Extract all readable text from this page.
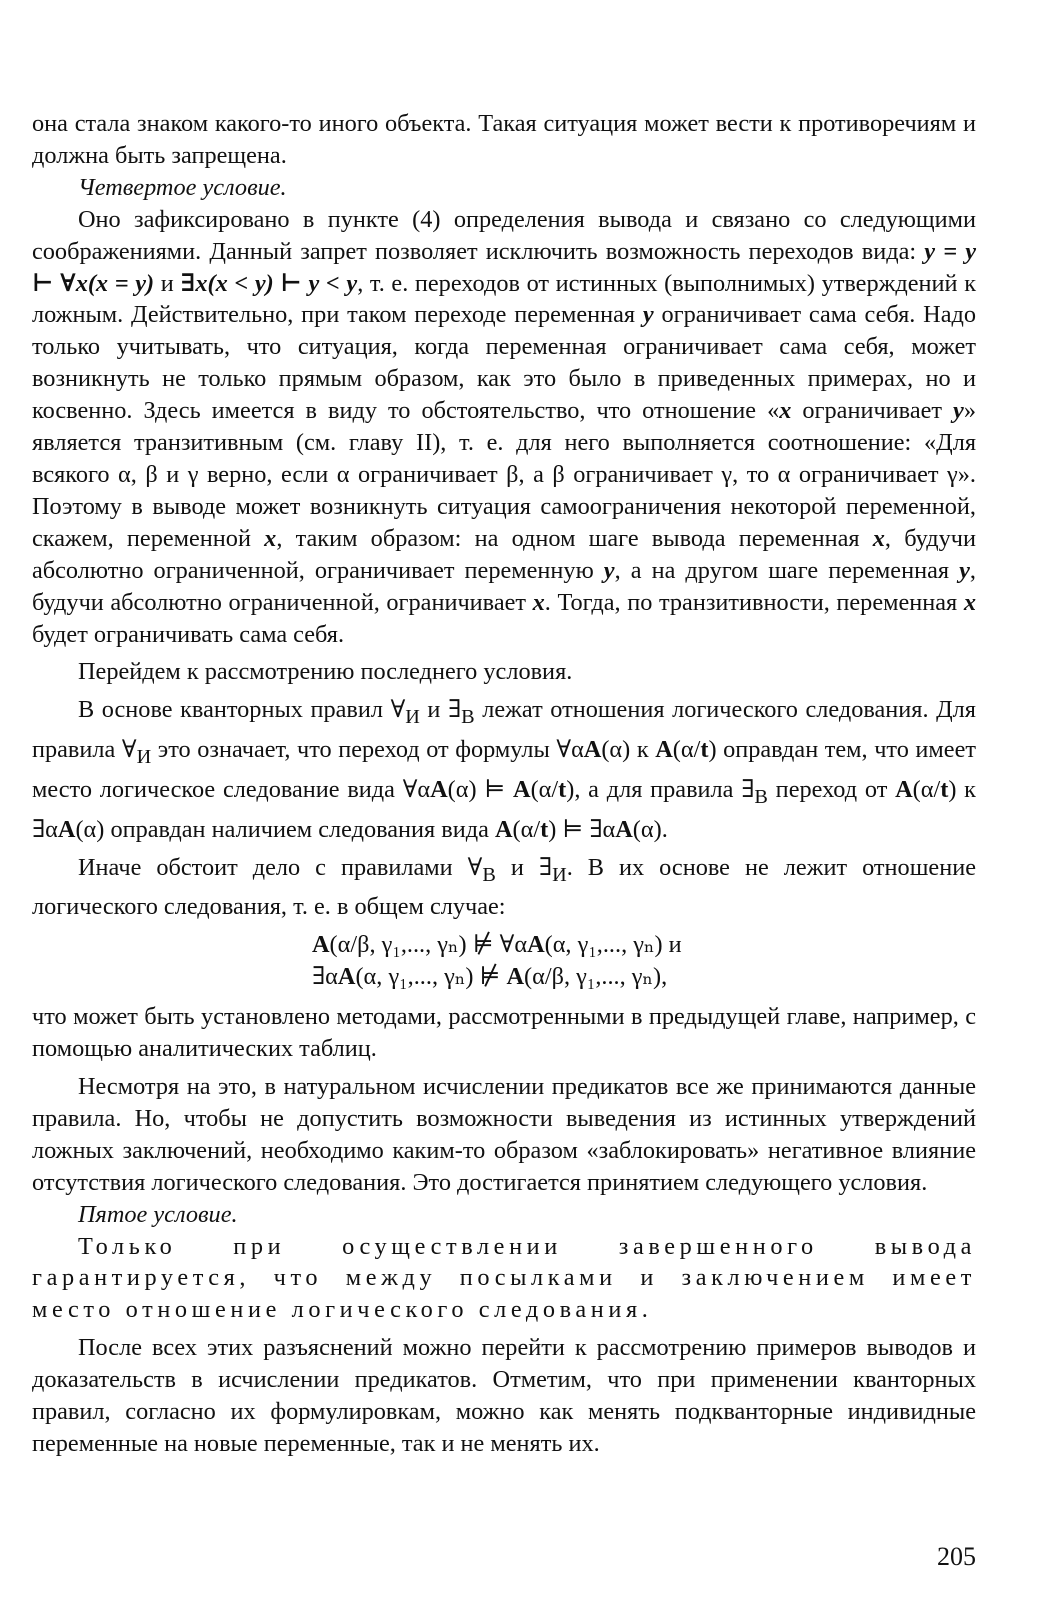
она стала знаком какого-то иного объекта. Такая ситуация может вести к противоречиям и должна быть запрещена.

Четвертое условие.

Оно зафиксировано в пункте (4) определения вывода и связано со следующими соображениями. Данный запрет позволяет исключить возможность переходов вида: y = y ⊢ ∀x(x = y) и ∃x(x < y) ⊢ y < y, т. е. переходов от истинных (выполнимых) утверждений к ложным. Действительно, при таком переходе переменная y ограничивает сама себя. Надо только учитывать, что ситуация, когда переменная ограничивает сама себя, может возникнуть не только прямым образом, как это было в приведенных примерах, но и косвенно. Здесь имеется в виду то обстоятельство, что отношение «x ограничивает y» является транзитивным (см. главу II), т. е. для него выполняется соотношение: «Для всякого α, β и γ верно, если α ограничивает β, а β ограничивает γ, то α ограничивает γ». Поэтому в выводе может возникнуть ситуация самоограничения некоторой переменной, скажем, переменной x, таким образом: на одном шаге вывода переменная x, будучи абсолютно ограниченной, ограничивает переменную y, а на другом шаге переменная y, будучи абсолютно ограниченной, ограничивает x. Тогда, по транзитивности, переменная x будет ограничивать сама себя.

Перейдем к рассмотрению последнего условия.

В основе кванторных правил $\forall_И$ и $\exists_В$ лежат отношения логического следования. Для правила $\forall_И$ это означает, что переход от формулы ∀αA(α) к A(α/t) оправдан тем, что имеет место логическое следование вида ∀αA(α) ⊨ A(α/t), а для правила $\exists_В$ переход от A(α/t) к ∃αA(α) оправдан наличием следования вида A(α/t) ⊨ ∃αA(α).

Иначе обстоит дело с правилами $\forall_В$ и $\exists_И$. В их основе не лежит отношение логического следования, т. е. в общем случае:

A(α/β, γ₁,..., γₙ) ⊭ ∀αA(α, γ₁,..., γₙ) и
∃αA(α, γ₁,..., γₙ) ⊭ A(α/β, γ₁,..., γₙ),

что может быть установлено методами, рассмотренными в предыдущей главе, например, с помощью аналитических таблиц.

Несмотря на это, в натуральном исчислении предикатов все же принимаются данные правила. Но, чтобы не допустить возможности выведения из истинных утверждений ложных заключений, необходимо каким-то образом «заблокировать» негативное влияние отсутствия логического следования. Это достигается принятием следующего условия.

Пятое условие.

Только при осуществлении завершенного вывода гарантируется, что между посылками и заключением имеет место отношение логического следования.

После всех этих разъяснений можно перейти к рассмотрению примеров выводов и доказательств в исчислении предикатов. Отметим, что при применении кванторных правил, согласно их формулировкам, можно как менять подкванторные индивидные переменные на новые переменные, так и не менять их.

205
